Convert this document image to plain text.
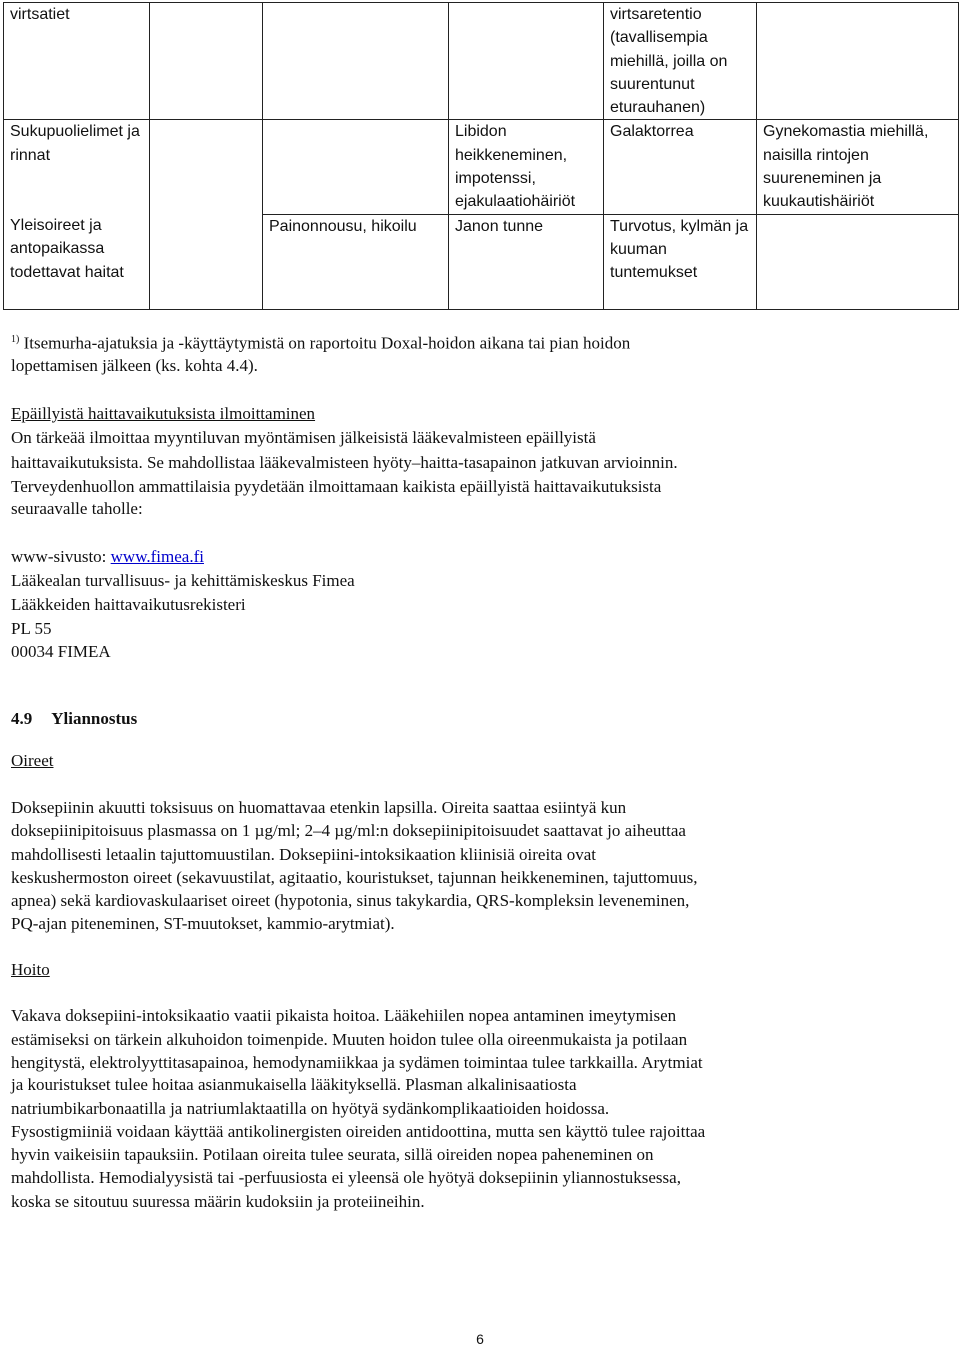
virtsatiet				virtsaretentio (tavallisempia miehillä, joilla on suurentunut eturauhanen)	
Sukupuolielimet ja rinnat			Libidon heikkeneminen, impotenssi, ejakulaatiohäiriöt	Galaktorrea	Gynekomastia miehillä, naisilla rintojen suureneminen ja kuukautishäiriöt
Yleisoireet ja antopaikassa todettavat haitat		Painonnousu, hikoilu	Janon tunne	Turvotus, kylmän ja kuuman tuntemukset	
$^{1)}$ Itsemurha-ajatuksia ja -käyttäytymistä on raportoitu Doxal-hoidon aikana tai pian hoidon
lopettamisen jälkeen (ks. kohta 4.4).
Epäillyistä haittavaikutuksista ilmoittaminen
On tärkeää ilmoittaa myyntiluvan myöntämisen jälkeisistä lääkevalmisteen epäillyistä
haittavaikutuksista. Se mahdollistaa lääkevalmisteen hyöty–haitta-tasapainon jatkuvan arvioinnin.
Terveydenhuollon ammattilaisia pyydetään ilmoittamaan kaikista epäillyistä haittavaikutuksista
seuraavalle taholle:
www-sivusto: www.fimea.fi
Lääkealan turvallisuus- ja kehittämiskeskus Fimea
Lääkkeiden haittavaikutusrekisteri
PL 55
00034 FIMEA
4.9 Yliannostus
Oireet
Doksepiinin akuutti toksisuus on huomattavaa etenkin lapsilla. Oireita saattaa esiintyä kun
doksepiinipitoisuus plasmassa on 1 µg/ml; 2–4 µg/ml:n doksepiinipitoisuudet saattavat jo aiheuttaa
mahdollisesti letaalin tajuttomuustilan. Doksepiini-intoksikaation kliinisiä oireita ovat
keskushermoston oireet (sekavuustilat, agitaatio, kouristukset, tajunnan heikkeneminen, tajuttomuus,
apnea) sekä kardiovaskulaariset oireet (hypotonia, sinus takykardia, QRS-kompleksin leveneminen,
PQ-ajan piteneminen, ST-muutokset, kammio-arytmiat).
Hoito
Vakava doksepiini-intoksikaatio vaatii pikaista hoitoa. Lääkehiilen nopea antaminen imeytymisen
estämiseksi on tärkein alkuhoidon toimenpide. Muuten hoidon tulee olla oireenmukaista ja potilaan
hengitystä, elektrolyyttitasapainoa, hemodynamiikkaa ja sydämen toimintaa tulee tarkkailla. Arytmiat
ja kouristukset tulee hoitaa asianmukaisella lääkityksellä. Plasman alkalinisaatiosta
natriumbikarbonaatilla ja natriumlaktaatilla on hyötyä sydänkomplikaatioiden hoidossa.
Fysostigmiiniä voidaan käyttää antikolinergisten oireiden antidoottina, mutta sen käyttö tulee rajoittaa
hyvin vaikeisiin tapauksiin. Potilaan oireita tulee seurata, sillä oireiden nopea paheneminen on
mahdollista. Hemodialyysistä tai -perfuusiosta ei yleensä ole hyötyä doksepiinin yliannostuksessa,
koska se sitoutuu suuressa määrin kudoksiin ja proteiineihin.
6
